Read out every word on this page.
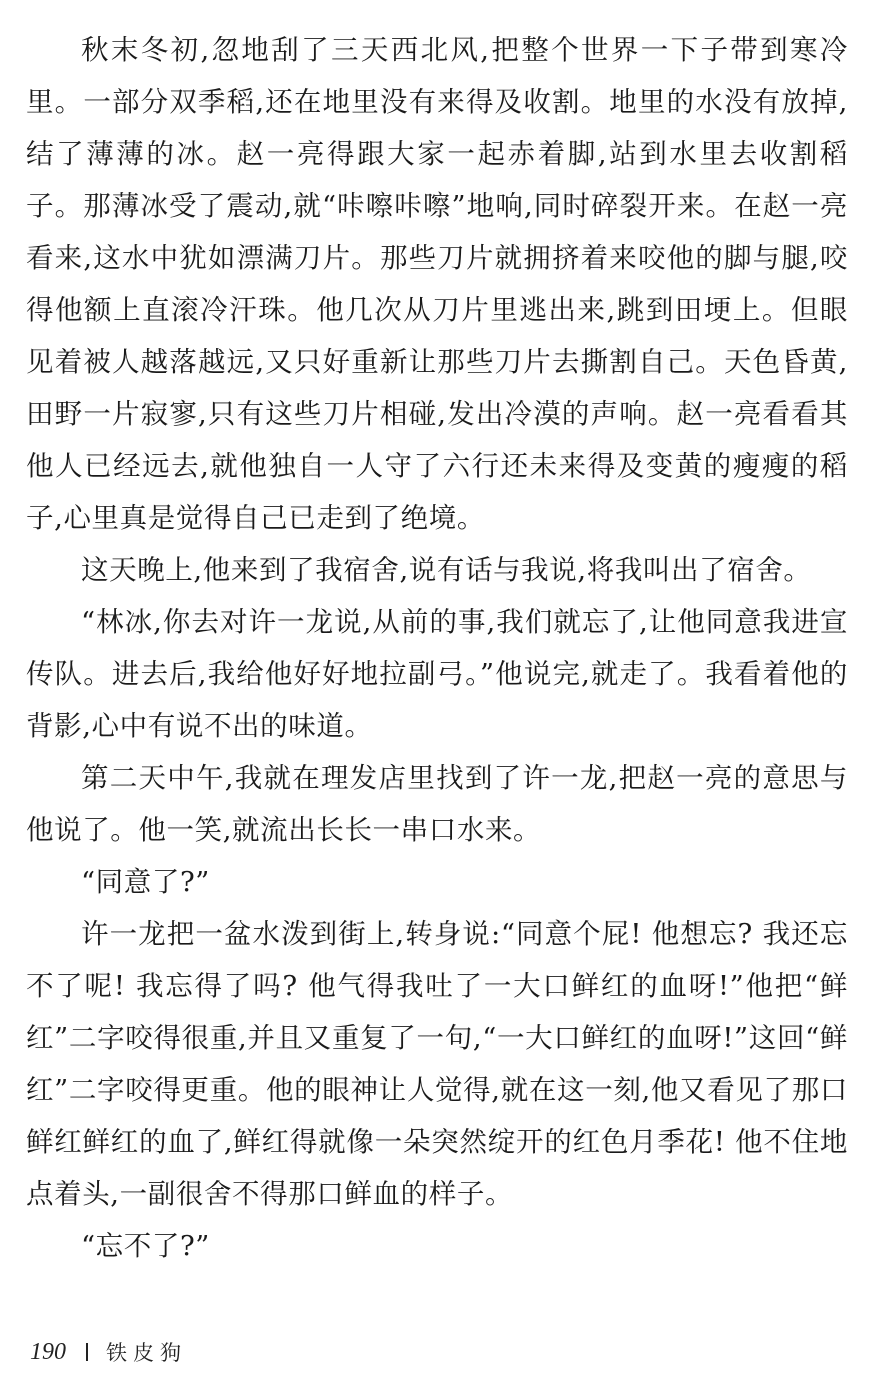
秋末冬初,忽地刮了三天西北风,把整个世界一下子带到寒冷里。一部分双季稻,还在地里没有来得及收割。地里的水没有放掉,结了薄薄的冰。赵一亮得跟大家一起赤着脚,站到水里去收割稻子。那薄冰受了震动,就“咔嚓咔嚓”地响,同时碎裂开来。在赵一亮看来,这水中犹如漂满刀片。那些刀片就拥挤着来咬他的脚与腿,咬得他额上直滚冷汗珠。他几次从刀片里逃出来,跳到田埂上。但眼见着被人越落越远,又只好重新让那些刀片去撕割自己。天色昏黄,田野一片寂寥,只有这些刀片相碰,发出冷漠的声响。赵一亮看看其他人已经远去,就他独自一人守了六行还未来得及变黄的瘦瘦的稻子,心里真是觉得自己已走到了绝境。

这天晚上,他来到了我宿舍,说有话与我说,将我叫出了宿舍。

“林冰,你去对许一龙说,从前的事,我们就忘了,让他同意我进宣传队。进去后,我给他好好地拉副弓。”他说完,就走了。我看着他的背影,心中有说不出的味道。

第二天中午,我就在理发店里找到了许一龙,把赵一亮的意思与他说了。他一笑,就流出长长一串口水来。

“同意了?”

许一龙把一盆水泼到街上,转身说:“同意个屁! 他想忘? 我还忘不了呢! 我忘得了吗? 他气得我吐了一大口鲜红的血呀!”他把“鲜红”二字咬得很重,并且又重复了一句,“一大口鲜红的血呀!”这回“鲜红”二字咬得更重。他的眼神让人觉得,就在这一刻,他又看见了那口鲜红鲜红的血了,鲜红得就像一朵突然绽开的红色月季花! 他不住地点着头,一副很舍不得那口鲜血的样子。

“忘不了?”

190 铁皮狗
